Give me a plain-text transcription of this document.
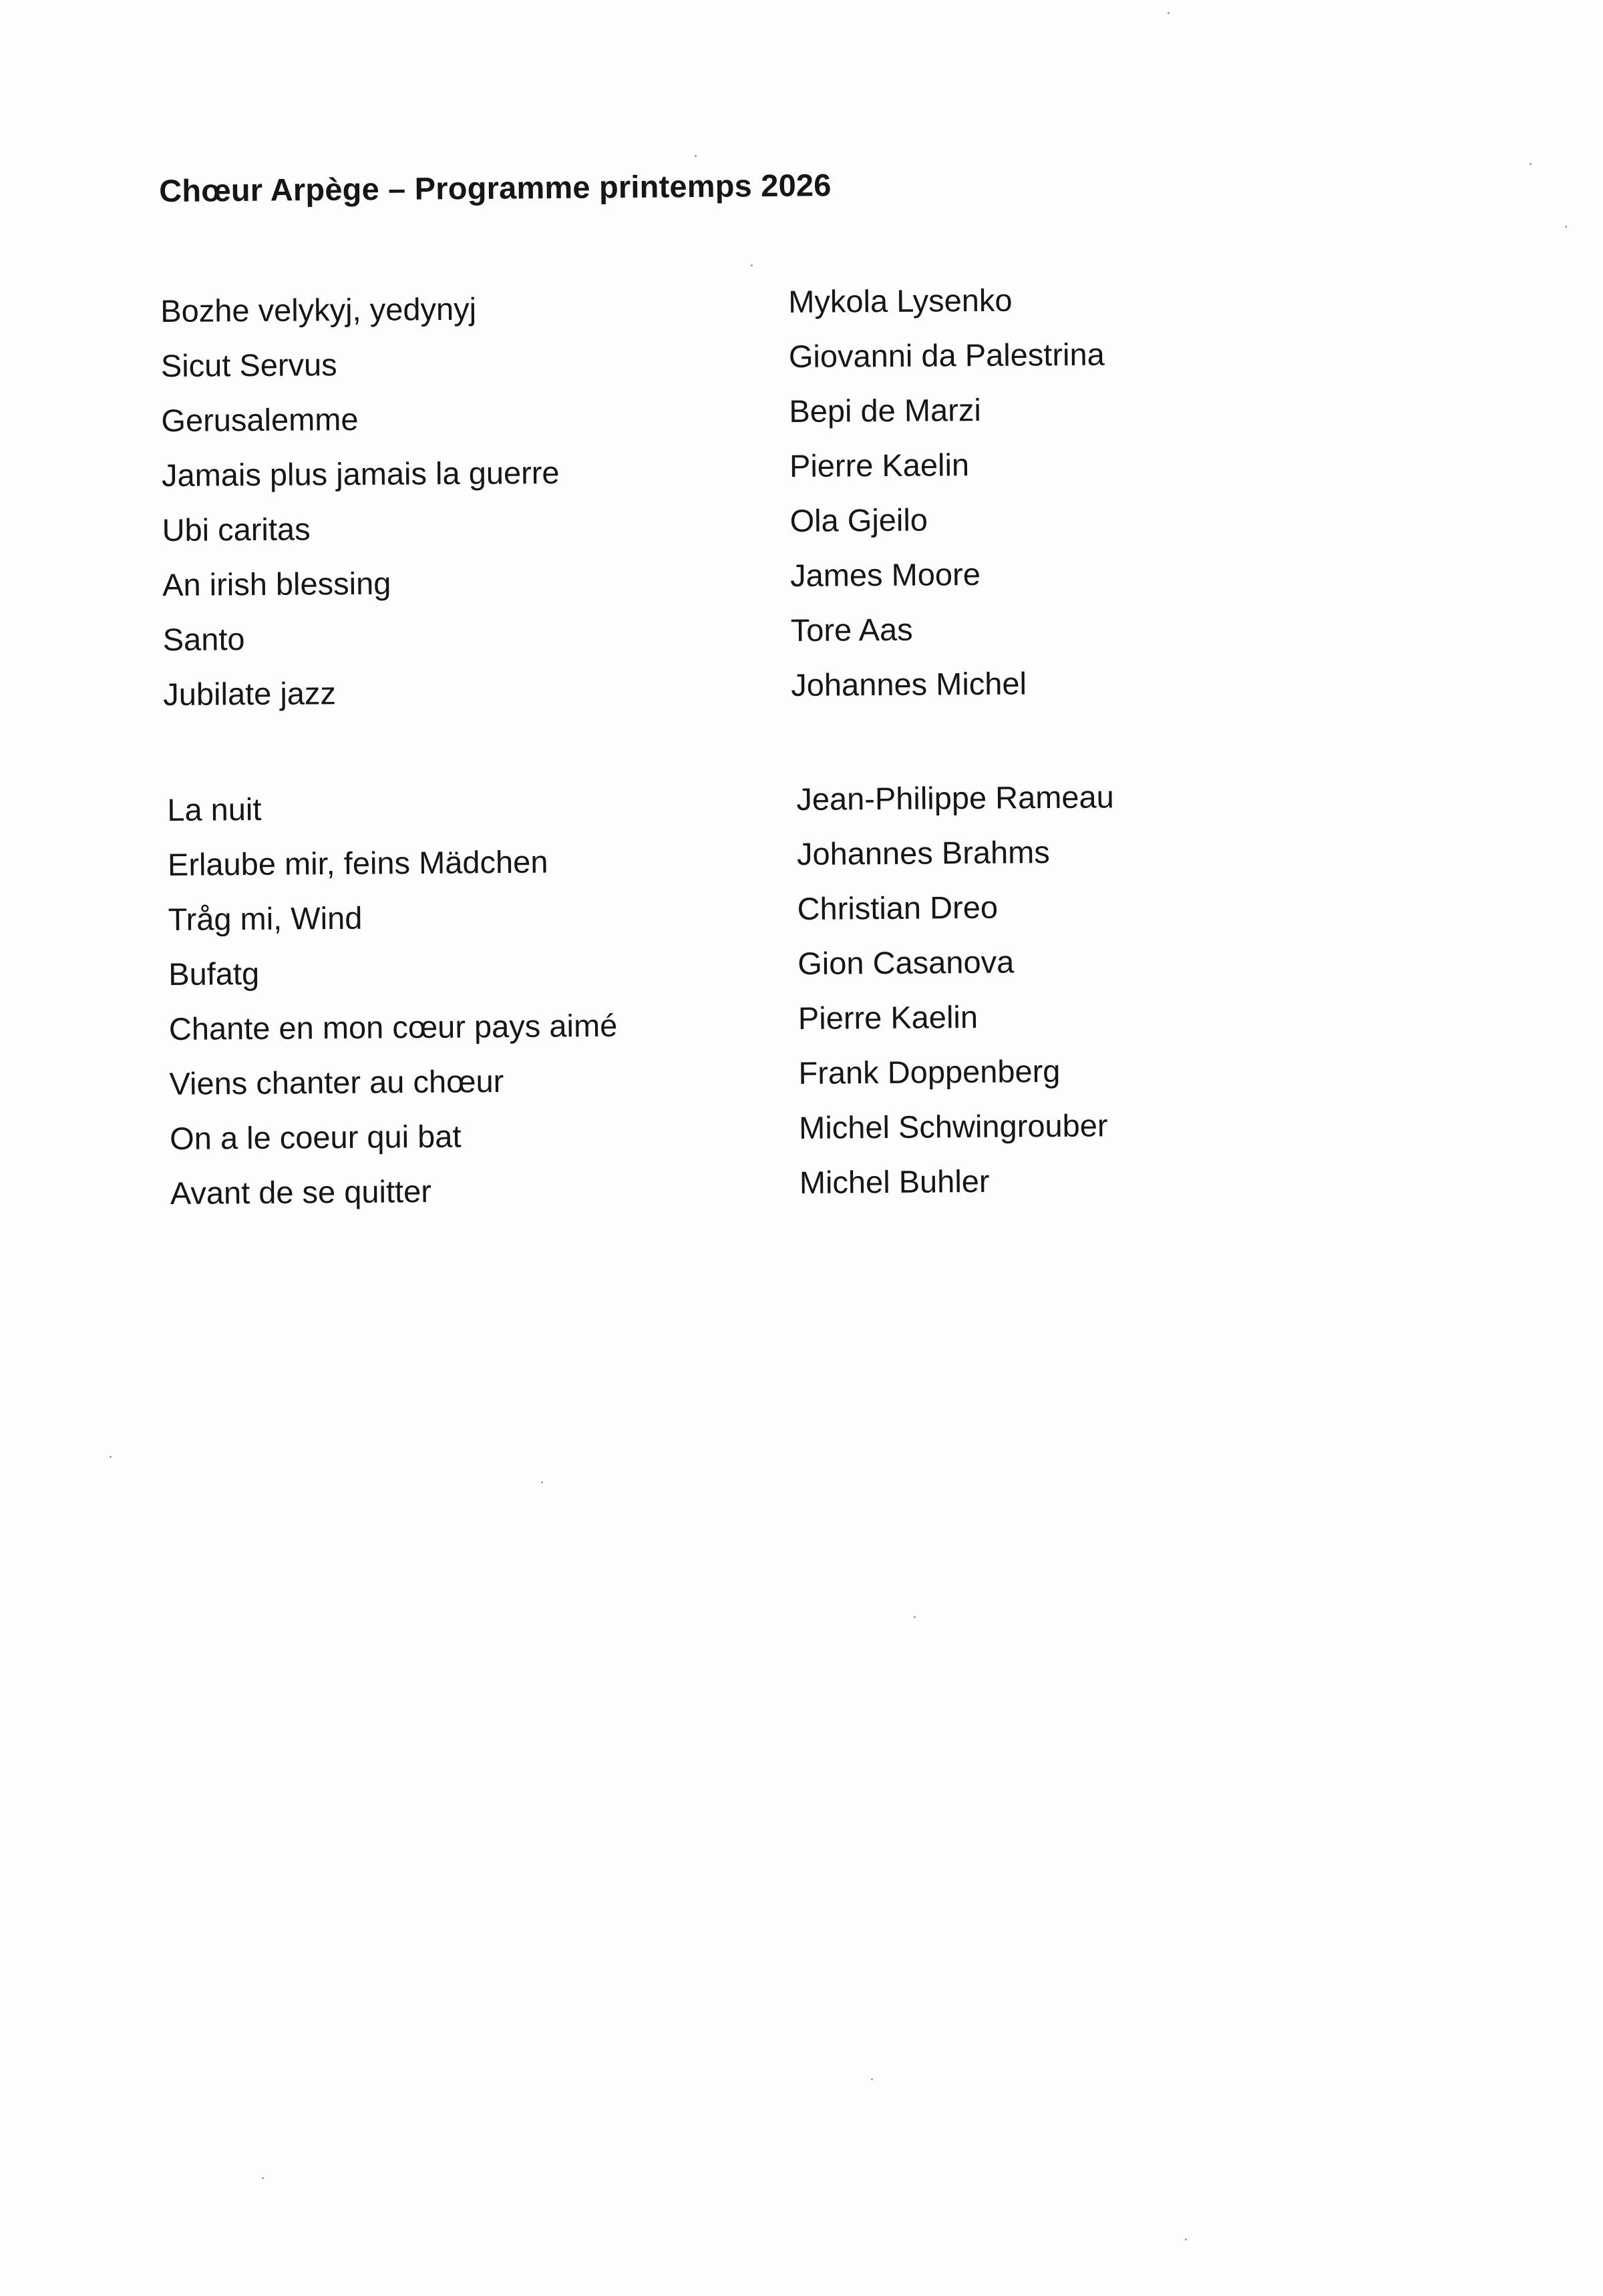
Chœur Arpège – Programme printemps 2026
Bozhe velykyj, yedynyj
Sicut Servus
Gerusalemme
Jamais plus jamais la guerre
Ubi caritas
An irish blessing
Santo
Jubilate jazz
Mykola Lysenko
Giovanni da Palestrina
Bepi de Marzi
Pierre Kaelin
Ola Gjeilo
James Moore
Tore Aas
Johannes Michel
La nuit
Erlaube mir, feins Mädchen
Tråg mi, Wind
Bufatg
Chante en mon cœur pays aimé
Viens chanter au chœur
On a le coeur qui bat
Avant de se quitter
Jean-Philippe Rameau
Johannes Brahms
Christian Dreo
Gion Casanova
Pierre Kaelin
Frank Doppenberg
Michel Schwingrouber
Michel Buhler
